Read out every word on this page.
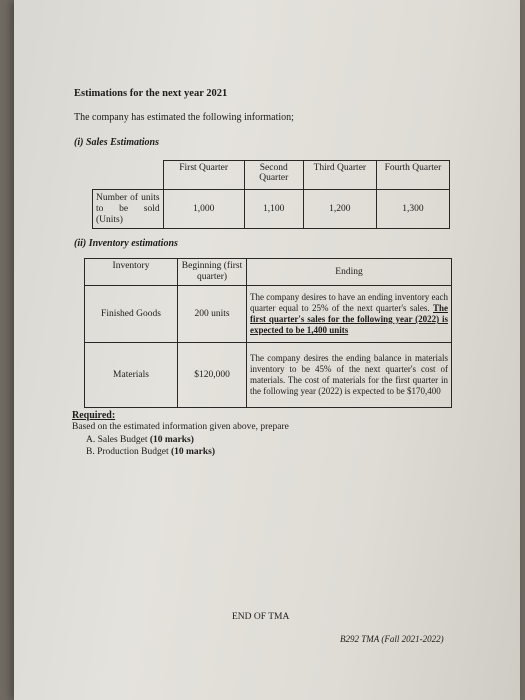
Estimations for the next year 2021
The company has estimated the following information;
(i) Sales Estimations
	First Quarter	Second Quarter	Third Quarter	Fourth Quarter
Number of units to be sold (Units)	1,000	1,100	1,200	1,300
(ii) Inventory estimations
Inventory	Beginning (first quarter)	Ending
Finished Goods	200 units	The company desires to have an ending inventory each quarter equal to 25% of the next quarter's sales. The first quarter's sales for the following year (2022) is expected to be 1,400 units
Materials	$120,000	The company desires the ending balance in materials inventory to be 45% of the next quarter's cost of materials. The cost of materials for the first quarter in the following year (2022) is expected to be $170,400
Required:
Based on the estimated information given above, prepare
A. Sales Budget (10 marks)
B. Production Budget (10 marks)
END OF TMA
B292 TMA (Fall 2021-2022)
